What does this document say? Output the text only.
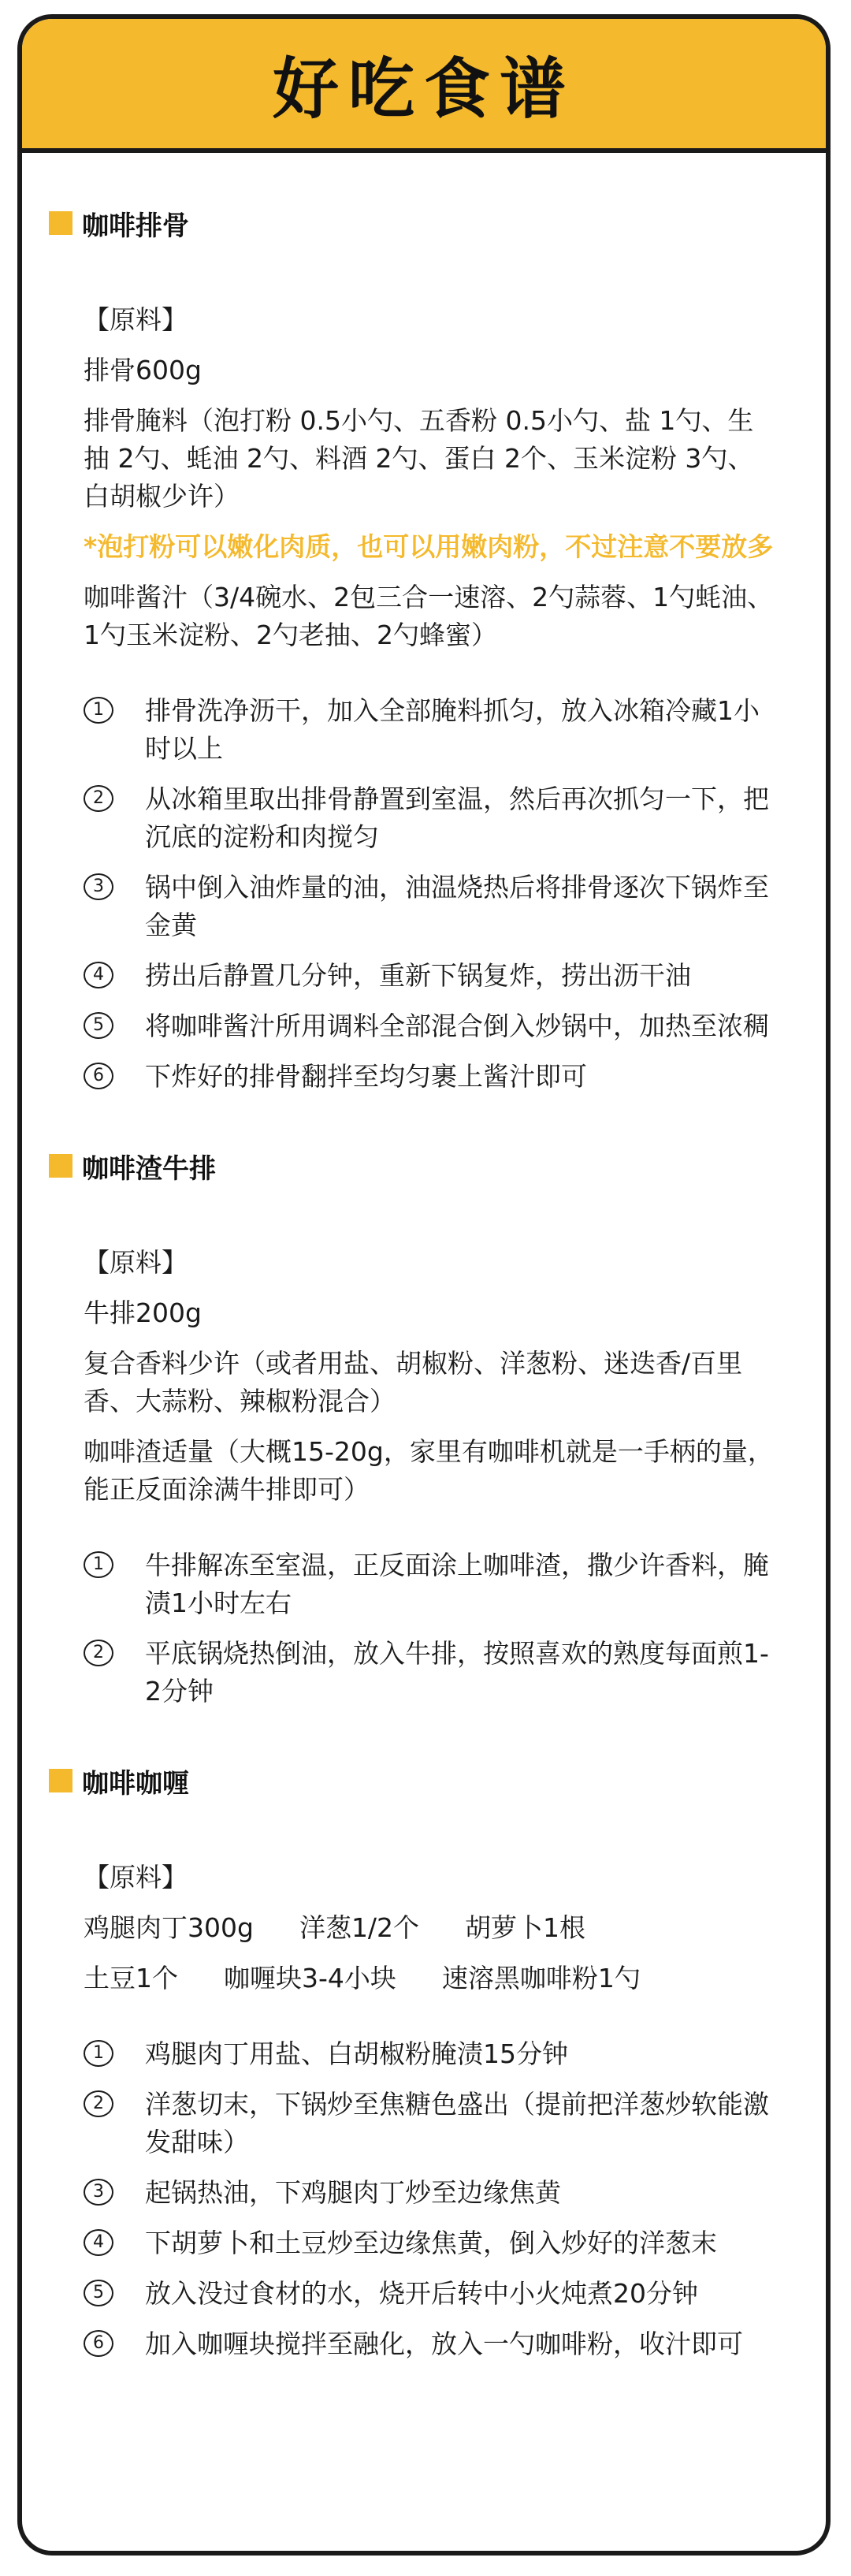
好吃食谱
咖啡排骨

【原料】

排骨600g

排骨腌料（泡打粉 0.5小勺、五香粉 0.5小勺、盐 1勺、生抽 2勺、蚝油 2勺、料酒 2勺、蛋白 2个、玉米淀粉 3勺、白胡椒少许）

*泡打粉可以嫩化肉质，也可以用嫩肉粉，不过注意不要放多

咖啡酱汁（3/4碗水、2包三合一速溶、2勺蒜蓉、1勺蚝油、1勺玉米淀粉、2勺老抽、2勺蜂蜜）

1	排骨洗净沥干，加入全部腌料抓匀，放入冰箱冷藏1小时以上
2	从冰箱里取出排骨静置到室温，然后再次抓匀一下，把沉底的淀粉和肉搅匀
3	锅中倒入油炸量的油，油温烧热后将排骨逐次下锅炸至金黄
4	捞出后静置几分钟，重新下锅复炸，捞出沥干油
5	将咖啡酱汁所用调料全部混合倒入炒锅中，加热至浓稠
6	下炸好的排骨翻拌至均匀裹上酱汁即可
咖啡渣牛排

【原料】

牛排200g

复合香料少许（或者用盐、胡椒粉、洋葱粉、迷迭香/百里香、大蒜粉、辣椒粉混合）

咖啡渣适量（大概15-20g，家里有咖啡机就是一手柄的量，能正反面涂满牛排即可）

1	牛排解冻至室温，正反面涂上咖啡渣，撒少许香料，腌渍1小时左右
2	平底锅烧热倒油，放入牛排，按照喜欢的熟度每面煎1-2分钟
咖啡咖喱

【原料】

鸡腿肉丁300g 洋葱1/2个 胡萝卜1根

土豆1个 咖喱块3-4小块 速溶黑咖啡粉1勺

1	鸡腿肉丁用盐、白胡椒粉腌渍15分钟
2	洋葱切末，下锅炒至焦糖色盛出（提前把洋葱炒软能激发甜味）
3	起锅热油，下鸡腿肉丁炒至边缘焦黄
4	下胡萝卜和土豆炒至边缘焦黄，倒入炒好的洋葱末
5	放入没过食材的水，烧开后转中小火炖煮20分钟
6	加入咖喱块搅拌至融化，放入一勺咖啡粉，收汁即可
